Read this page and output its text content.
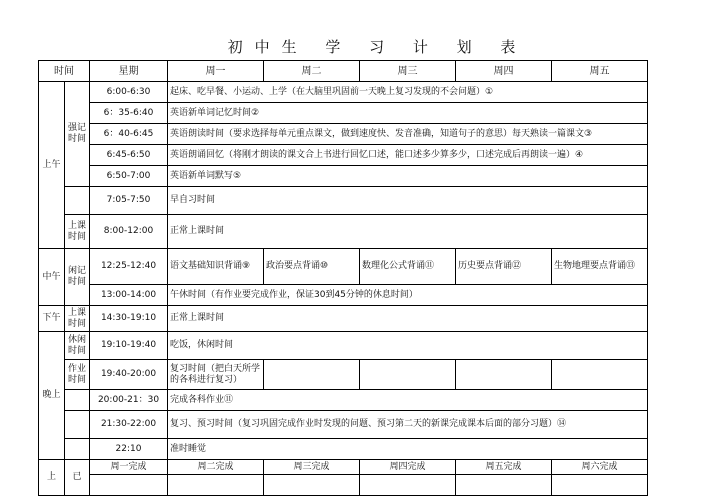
初中生 学 习 计 划 表
时间		星期	周一	周二	周三	周四	周五
上午	强记时间	6:00-6:30	起床、吃早餐、小运动、上学（在大脑里巩固前一天晚上复习发现的不会问题）①				
		6：35-6:40	英语新单词记忆时间②				
		6：40-6:45	英语朗读时间（要求选择每单元重点课文，做到速度快、发音准确，知道句子的意思）每天熟读一篇课文③				
		6:45-6:50	英语朗诵回忆（将刚才朗读的课文合上书进行回忆口述，能口述多少算多少，口述完成后再朗读一遍）④				
		6:50-7:00	英语新单词默写⑤				
		7:05-7:50	早自习时间				
	上课时间	8:00-12:00	正常上课时间				
中午	闲记时间	12:25-12:40	语文基础知识背诵⑨	政治要点背诵⑩	数理化公式背诵⑪	历史要点背诵⑫	生物地理要点背诵⑬
		13:00-14:00	午休时间（有作业要完成作业，保证30到45分钟的休息时间）				
下午	上课时间	14:30-19:10	正常上课时间				
晚上	休闲时间	19:10-19:40	吃饭，休闲时间				
	作业时间	19:40-20:00	复习时间（把白天所学的各科进行复习）				
		20:00-21：30	完成各科作业⑪				
		21:30-22:00	复习、预习时间（复习巩固完成作业时发现的问题、预习第二天的新课完成课本后面的部分习题）⑭				
		22:10	准时睡觉				
上	已	周一完成	周二完成	周三完成	周四完成	周五完成	周六完成
